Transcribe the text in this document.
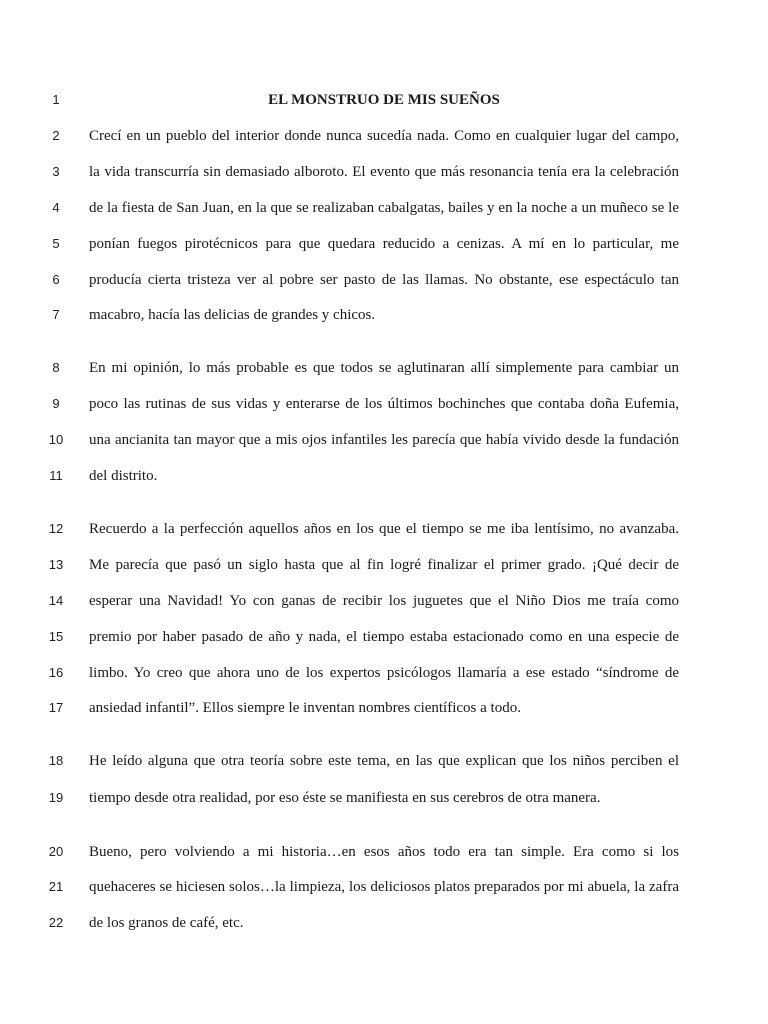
1	EL MONSTRUO DE MIS SUEÑOS
2	Crecí en un pueblo del interior donde nunca sucedía nada. Como en cualquier lugar del campo,
3	la vida transcurría sin demasiado alboroto. El evento que más resonancia tenía era la celebración
4	de la fiesta de San Juan, en la que se realizaban cabalgatas, bailes y en la noche a un muñeco se le
5	ponían fuegos pirotécnicos para que quedara reducido a cenizas. A mí en lo particular, me
6	producía cierta tristeza ver al pobre ser pasto de las llamas. No obstante, ese espectáculo tan
7	macabro, hacía las delicias de grandes y chicos.
8	En mi opinión, lo más probable es que todos se aglutinaran allí simplemente para cambiar un
9	poco las rutinas de sus vidas y enterarse de los últimos bochinches que contaba doña Eufemia,
10	una ancianita tan mayor que a mis ojos infantiles les parecía que había vivido desde la fundación
11	del distrito.
12	Recuerdo a la perfección aquellos años en los que el tiempo se me iba lentísimo, no avanzaba.
13	Me parecía que pasó un siglo hasta que al fin logré finalizar el primer grado. ¡Qué decir de
14	esperar una Navidad! Yo con ganas de recibir los juguetes que el Niño Dios me traía como
15	premio por haber pasado de año y nada, el tiempo estaba estacionado como en una especie de
16	limbo. Yo creo que ahora uno de los expertos psicólogos llamaría a ese estado “síndrome de
17	ansiedad infantil”. Ellos siempre le inventan nombres científicos a todo.
18	He leído alguna que otra teoría sobre este tema, en las que explican que los niños perciben el
19	tiempo desde otra realidad, por eso éste se manifiesta en sus cerebros de otra manera.
20	Bueno, pero volviendo a mi historia…en esos años todo era tan simple. Era como si los
21	quehaceres se hiciesen solos…la limpieza, los deliciosos platos preparados por mi abuela, la zafra
22	de los granos de café, etc.
